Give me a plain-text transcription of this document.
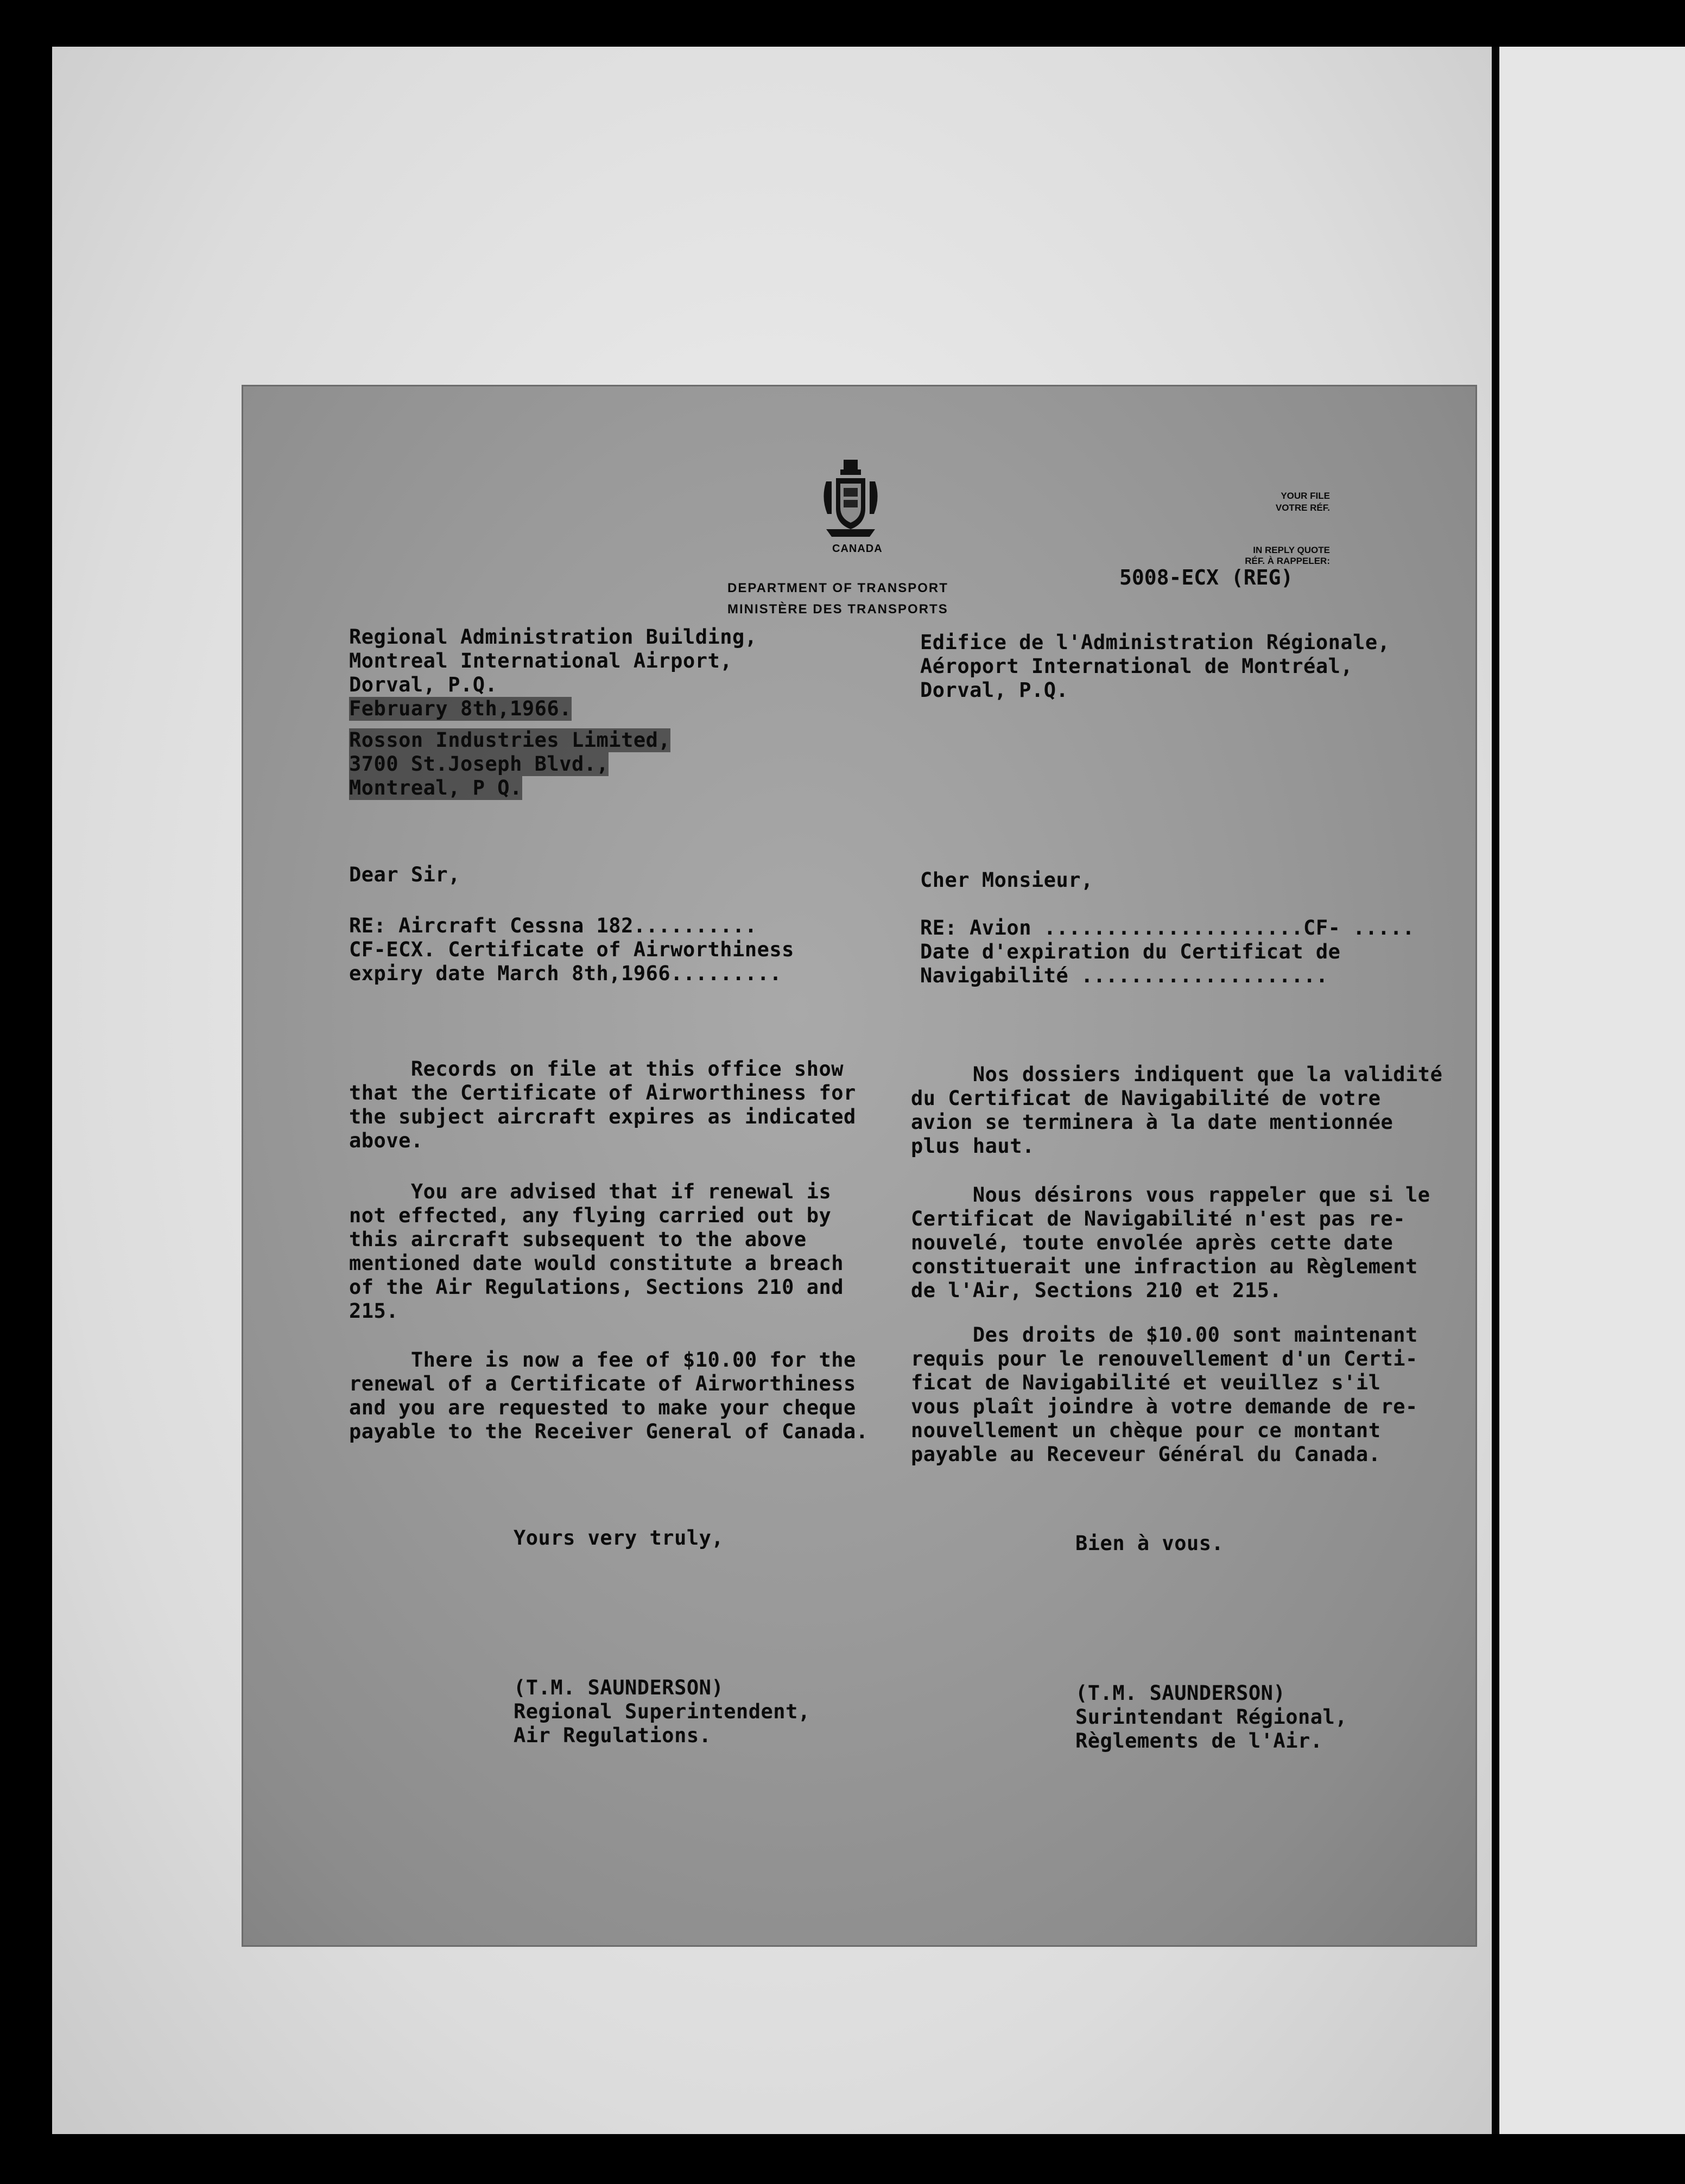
CANADA
DEPARTMENT OF TRANSPORT
MINISTÈRE DES TRANSPORTS
YOUR FILE
VOTRE RÉF.
IN REPLY QUOTE
RÉF. À RAPPELER:
5008-ECX (REG)
Regional Administration Building,
Montreal International Airport,
Dorval, P.Q.
Edifice de l'Administration Régionale,
Aéroport International de Montréal,
Dorval, P.Q.
February 8th,1966.
Rosson Industries Limited,
3700 St.Joseph Blvd.,
Montreal, P Q.
Dear Sir,	Cher Monsieur,
RE: Aircraft Cessna 182..........
CF-ECX. Certificate of Airworthiness
expiry date March 8th,1966.........
RE: Avion .....................CF- .....
Date d'expiration du Certificat de
Navigabilité ....................
Records on file at this office show
that the Certificate of Airworthiness for
the subject aircraft expires as indicated
above.
You are advised that if renewal is
not effected, any flying carried out by
this aircraft subsequent to the above
mentioned date would constitute a breach
of the Air Regulations, Sections 210 and
215.
There is now a fee of $10.00 for the
renewal of a Certificate of Airworthiness
and you are requested to make your cheque
payable to the Receiver General of Canada.
Nos dossiers indiquent que la validité
du Certificat de Navigabilité de votre
avion se terminera à la date mentionnée
plus haut.
Nous désirons vous rappeler que si le
Certificat de Navigabilité n'est pas re-
nouvelé, toute envolée après cette date
constituerait une infraction au Règlement
de l'Air, Sections 210 et 215.
Des droits de $10.00 sont maintenant
requis pour le renouvellement d'un Certi-
ficat de Navigabilité et veuillez s'il
vous plaît joindre à votre demande de re-
nouvellement un chèque pour ce montant
payable au Receveur Général du Canada.
Yours very truly,	Bien à vous.
(T.M. SAUNDERSON)
Regional Superintendent,
Air Regulations.
(T.M. SAUNDERSON)
Surintendant Régional,
Règlements de l'Air.
